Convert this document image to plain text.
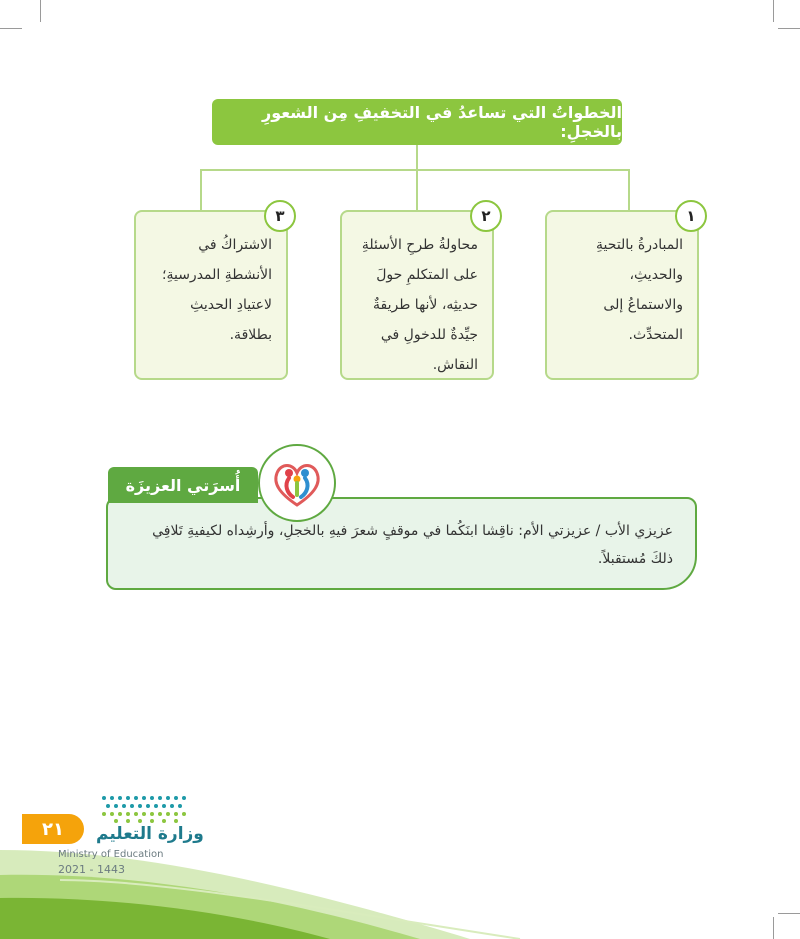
الخطواتُ التي تساعدُ في التخفيفِ مِن الشعورِ بالخجلِ:
٣
الاشتراكُ في الأنشطةِ المدرسيةِ؛ لاعتيادِ الحديثِ بطلاقة.
٢
محاولةُ طرحِ الأسئلةِ على المتكلمِ حولَ حديثِه، لأنها طريقةٌ جيِّدةٌ للدخولِ في النقاش.
١
المبادرةُ بالتحيةِ والحديثِ، والاستماعُ إلى المتحدِّث.
عزيزي الأب / عزيزتي الأم: ناقِشا ابنَكُما في موقفٍ شعرَ فيهِ بالخجلِ، وأرشِداه لكيفيةِ تَلافِي ذلكَ مُستقبلاً.
أُسرَتي العزيزَة
٢١	وزارة التعليم
Ministry of Education
2021 - 1443
